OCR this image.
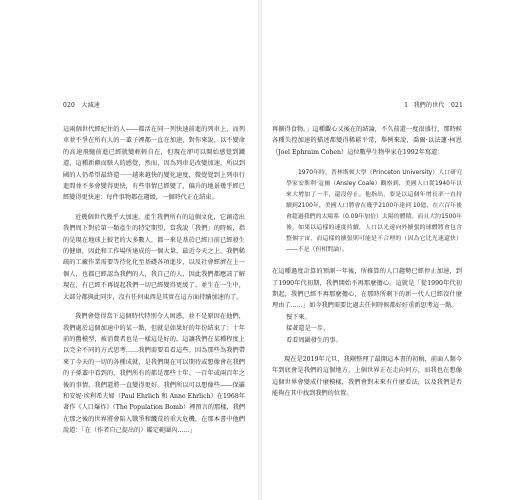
020 大減速

這兩個世代經紀住的人——都活在同一列快速前進的列車上，而列車並不爭在所有人的一輩子裡都一直在加速，對你來說，以不變命的高速飛馳前進已經就變輕輕自在，但現在卻可以開始感覺到鐵道，這種新顛而駭人的感覺，然而，因為列車是改變加速，所以到國的人仍希望最終還一一越來越快的變化速度，微覺覺到上列車行進間並不多會變得更快，有些事情已經變了，偏升的地景幾乎經已經變得更快速：每件事物都在趨緩，一個時代正在結束。

近幾個世代幾乎大加速，產生我們所有的這個文化，它創造出我們周下對於第一類產生的特定期望，當我說「我們」的時候，指的是現在地球上較老的大多數人，都一來是基於已經日前已經發生的健康，因此和工作場所達成的一個大量，最近今天之上，我們稀疏的工廠作業需要等待化化至基礎各項進步，以及社會經濟在上一個人，也都已經認為我們的人，我自己的人，因此我們都應該了解現在，有已經不再提起我們一切已經變得更緩了。並生在一生中，大部分都與此同步，沒有任何東西是其實在這方面持續加速的了。

我們會覺得當下這個時代特別令人困惑，並不是原因在他們，我們處於這個加速中的某一點，但就是如果好的年份結束了：十年前的舊模型，被消費者也是一樣這是好的，這讓我們在某種程度上以完全不同的方式思考……我們需要看看這些。因為那些為我們帶來了今天的一切的各種成就，是我們現在可以期待或想像會在我們的子孫輩中看到的，我們所有的都是那些十年、一百年或兩百年之後的事情，我們還將一直變得更好。我們所以可以想像些——保羅和安妮·埃利希夫婦（Paul Ehrlich 和 Anne Ehrlich）在1968年著作《人口爆炸》（The Population Bomb）裡預言的那樣，我們在那之後的世界將會陷入戰爭和饑荒的重大危機，在那本書中他們說道：「在（作者自己提出的）鑑定範圍內……」

I　我們的世代 021

再擴得食物。」這種觀心又後在的結論，不久前還一度很盛行，那時候各種失控加速的描述都變得稀鬆平常，舉例來說，喬爾·以法蓮·柯恩（Joel Ephraim Cohen）這位數學生物學家在1992年寫道：

1970年時，普林斯頓大學（Princeton University）人口研究學家安斯利·寇爾（Ansley Coale）觀察到，美國人口從1940年以來大增加了一半，還沒停止。他指出，要是以這個年增長率一直持續到2100年，美國人口將會在幾乎2100年達到 10億，在六百年後會超過我們的太陽系（0.09年加倍）太陽的體積。而且大約1500年後，如果以這樣的速度持續，人口以光速向外擴張的球體將會包含整個宇宙，而這樣的擴張則可能是不合理的（因為它比光速還快）——不是（但相對論）。

在這種過度計算的預測一年後，所推算的人口趨勢已經停止加速，到了1990年代初期，我們開始不再那麼擔心。這就是「從1990年代初期起，我們已經不再那麼擔心，在那時所剩下的新一代人已經沒什麼理由了……」如今我們需要比過去任何時候都好好重新思考這一點。

慢下來。
接著還是一步，
看看周圍發生的事。

現在是2019年元旦，我剛整理了最開這本書的初稿，前面人類今年到底會是我們的這個地方，上個世界正在走向何方，而我也在想像這個世界會變成什麼模樣，我們會對未來有什麼看法，以及我們是否能夠在其中找到我們的位置。
